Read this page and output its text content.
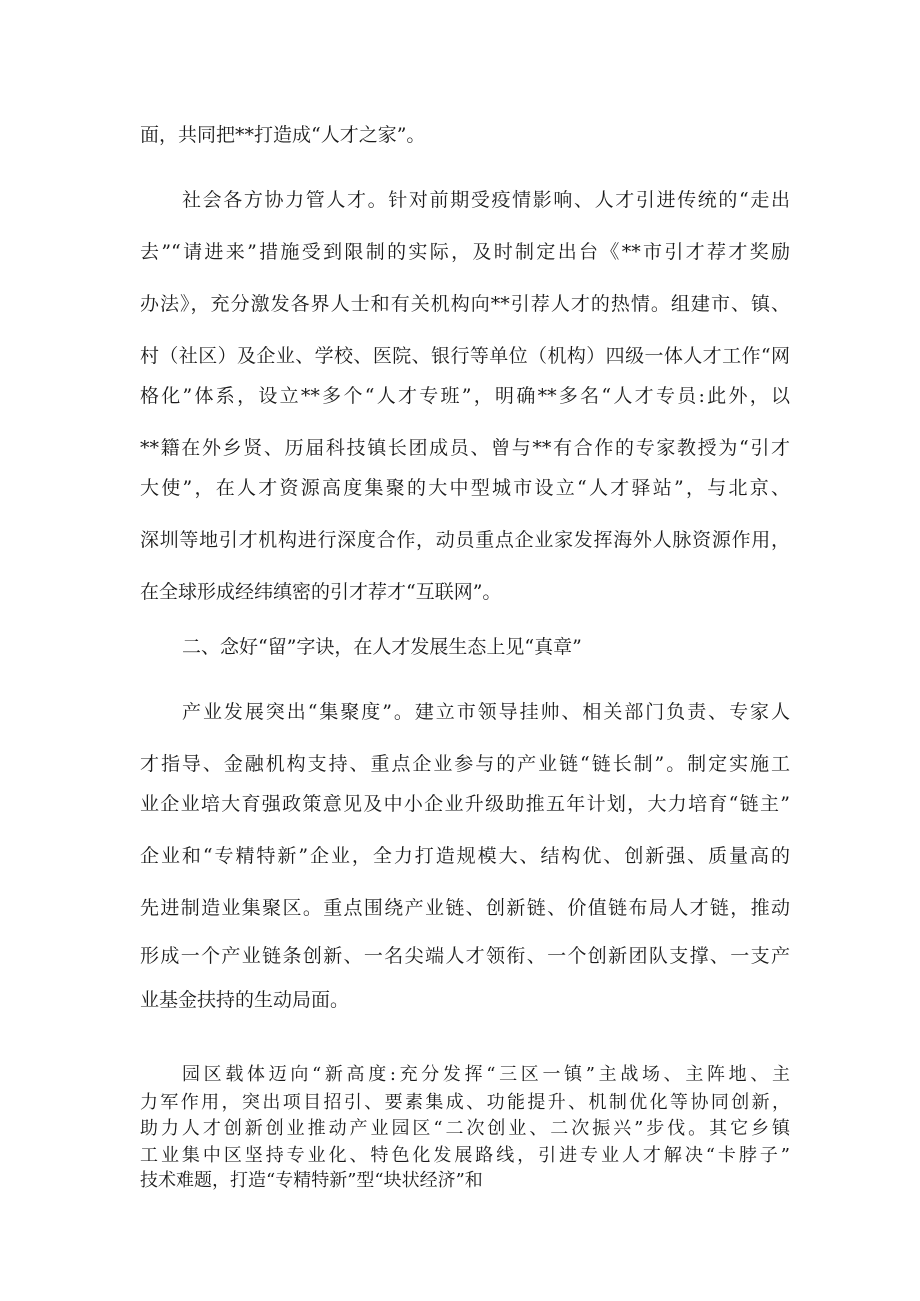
面，共同把**打造成“人才之家”。
社会各方协力管人才。针对前期受疫情影响、人才引进传统的“走出
去”“请进来”措施受到限制的实际，及时制定出台《**市引才荐才奖励
办法》，充分激发各界人士和有关机构向**引荐人才的热情。组建市、镇、
村（社区）及企业、学校、医院、银行等单位（机构）四级一体人才工作“网
格化”体系，设立**多个“人才专班”，明确**多名“人才专员:此外，以
**籍在外乡贤、历届科技镇长团成员、曾与**有合作的专家教授为“引才
大使”，在人才资源高度集聚的大中型城市设立“人才驿站”，与北京、
深圳等地引才机构进行深度合作，动员重点企业家发挥海外人脉资源作用，
在全球形成经纬缜密的引才荐才“互联网”。
二、念好“留”字诀，在人才发展生态上见“真章”
产业发展突出“集聚度”。建立市领导挂帅、相关部门负责、专家人
才指导、金融机构支持、重点企业参与的产业链“链长制”。制定实施工
业企业培大育强政策意见及中小企业升级助推五年计划，大力培育“链主”
企业和“专精特新”企业，全力打造规模大、结构优、创新强、质量高的
先进制造业集聚区。重点围绕产业链、创新链、价值链布局人才链，推动
形成一个产业链条创新、一名尖端人才领衔、一个创新团队支撑、一支产
业基金扶持的生动局面。
园区载体迈向“新高度:充分发挥“三区一镇”主战场、主阵地、主
力军作用，突出项目招引、要素集成、功能提升、机制优化等协同创新，
助力人才创新创业推动产业园区“二次创业、二次振兴”步伐。其它乡镇
工业集中区坚持专业化、特色化发展路线，引进专业人才解决“卡脖子”
技术难题，打造“专精特新”型“块状经济”和
